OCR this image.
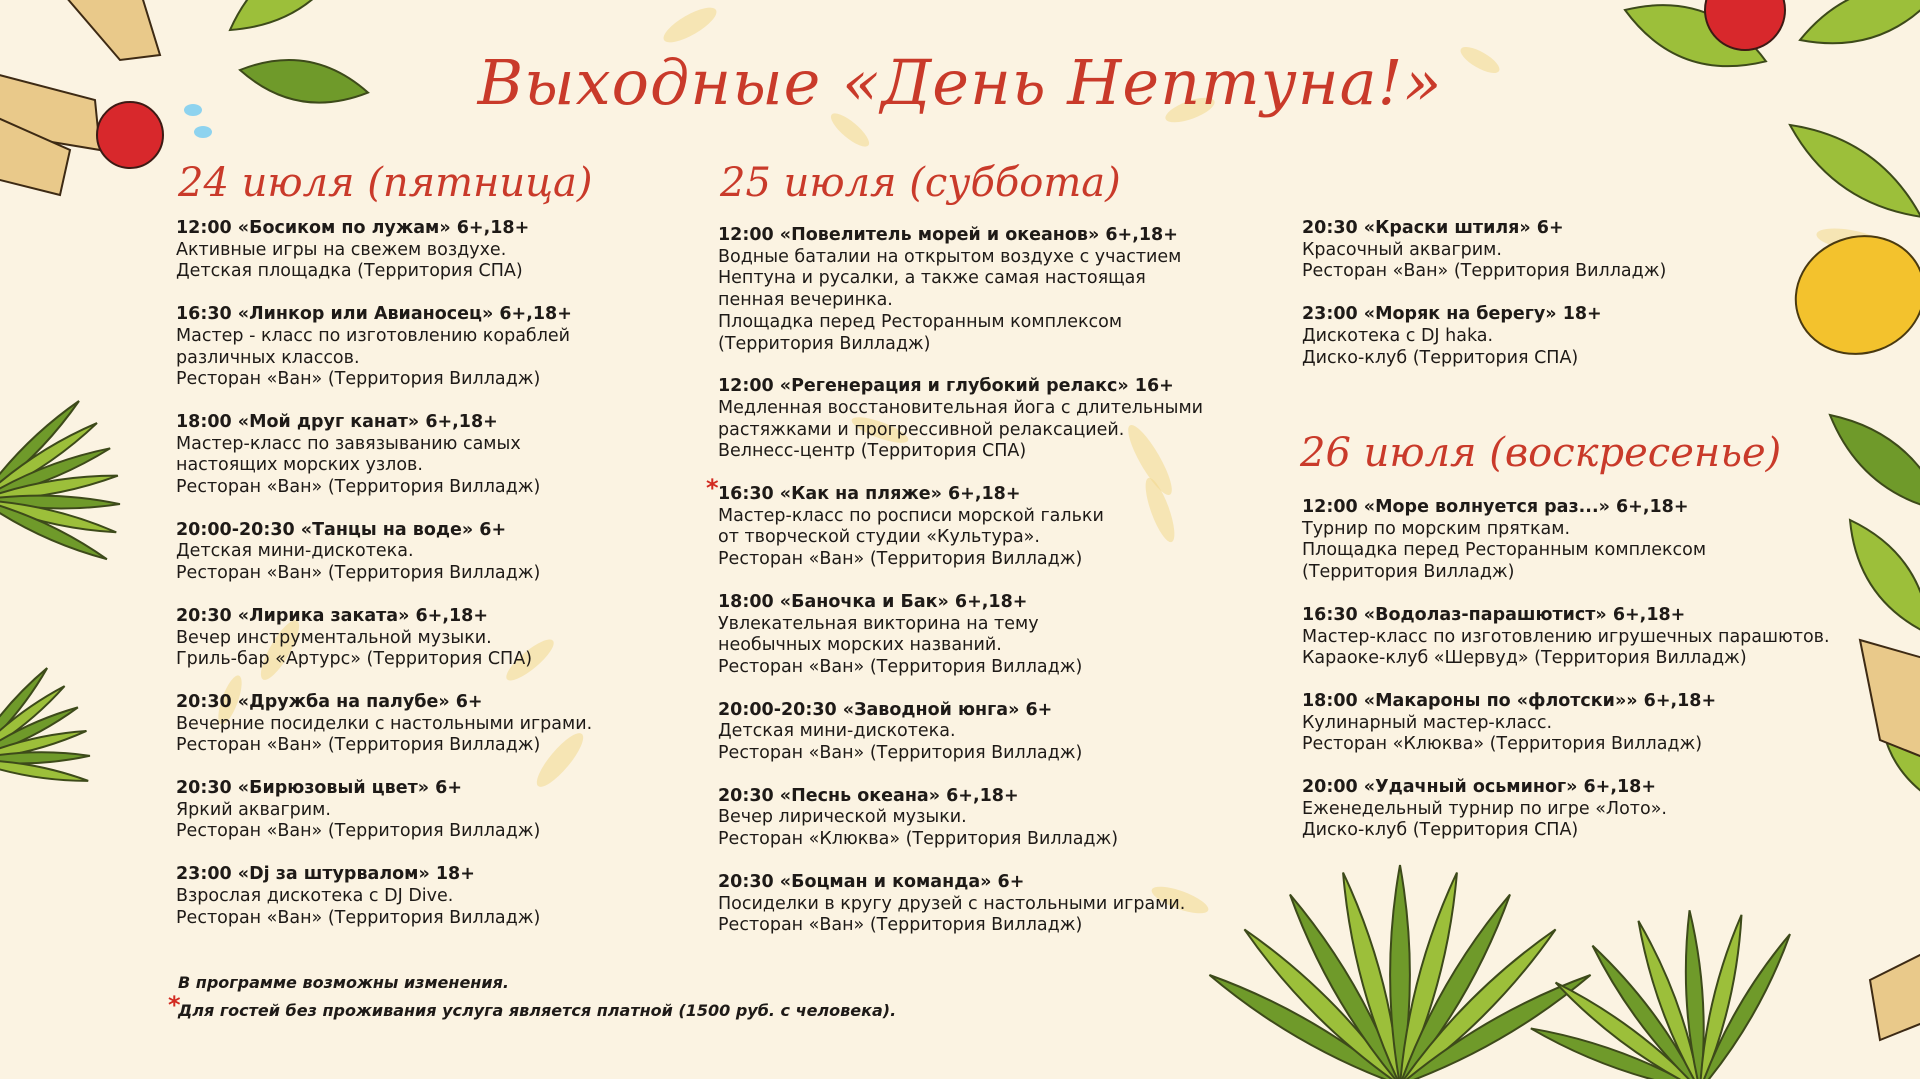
Выходные «День Нептуна!»
24 июля (пятница)	25 июля (суббота)
26 июля (воскресенье)
12:00 «Босиком по лужам» 6+,18+
Активные игры на свежем воздухе.
Детская площадка (Территория СПА)
16:30 «Линкор или Авианосец» 6+,18+
Мастер - класс по изготовлению кораблей
различных классов.
Ресторан «Ван» (Территория Вилладж)
18:00 «Мой друг канат» 6+,18+
Мастер-класс по завязыванию самых
настоящих морских узлов.
Ресторан «Ван» (Территория Вилладж)
20:00-20:30 «Танцы на воде» 6+
Детская мини-дискотека.
Ресторан «Ван» (Территория Вилладж)
20:30 «Лирика заката» 6+,18+
Вечер инструментальной музыки.
Гриль-бар «Артурс» (Территория СПА)
20:30 «Дружба на палубе» 6+
Вечерние посиделки с настольными играми.
Ресторан «Ван» (Территория Вилладж)
20:30 «Бирюзовый цвет» 6+
Яркий аквагрим.
Ресторан «Ван» (Территория Вилладж)
23:00 «Dj за штурвалом» 18+
Взрослая дискотека с DJ Dive.
Ресторан «Ван» (Территория Вилладж)
12:00 «Повелитель морей и океанов» 6+,18+
Водные баталии на открытом воздухе с участием
Нептуна и русалки, а также самая настоящая
пенная вечеринка.
Площадка перед Ресторанным комплексом
(Территория Вилладж)
12:00 «Регенерация и глубокий релакс» 16+
Медленная восстановительная йога с длительными
растяжками и прогрессивной релаксацией.
Велнесс-центр (Территория СПА)
* 16:30 «Как на пляже» 6+,18+
Мастер-класс по росписи морской гальки
от творческой студии «Культура».
Ресторан «Ван» (Территория Вилладж)
18:00 «Баночка и Бак» 6+,18+
Увлекательная викторина на тему
необычных морских названий.
Ресторан «Ван» (Территория Вилладж)
20:00-20:30 «Заводной юнга» 6+
Детская мини-дискотека.
Ресторан «Ван» (Территория Вилладж)
20:30 «Песнь океана» 6+,18+
Вечер лирической музыки.
Ресторан «Клюква» (Территория Вилладж)
20:30 «Боцман и команда» 6+
Посиделки в кругу друзей с настольными играми.
Ресторан «Ван» (Территория Вилладж)
20:30 «Краски штиля» 6+
Красочный аквагрим.
Ресторан «Ван» (Территория Вилладж)
23:00 «Моряк на берегу» 18+
Дискотека с DJ haka.
Диско-клуб (Территория СПА)
12:00 «Море волнуется раз...» 6+,18+
Турнир по морским пряткам.
Площадка перед Ресторанным комплексом
(Территория Вилладж)
16:30 «Водолаз-парашютист» 6+,18+
Мастер-класс по изготовлению игрушечных парашютов.
Караоке-клуб «Шервуд» (Территория Вилладж)
18:00 «Макароны по «флотски»» 6+,18+
Кулинарный мастер-класс.
Ресторан «Клюква» (Территория Вилладж)
20:00 «Удачный осьминог» 6+,18+
Еженедельный турнир по игре «Лото».
Диско-клуб (Территория СПА)
В программе возможны изменения.
*
Для гостей без проживания услуга является платной (1500 руб. с человека).
